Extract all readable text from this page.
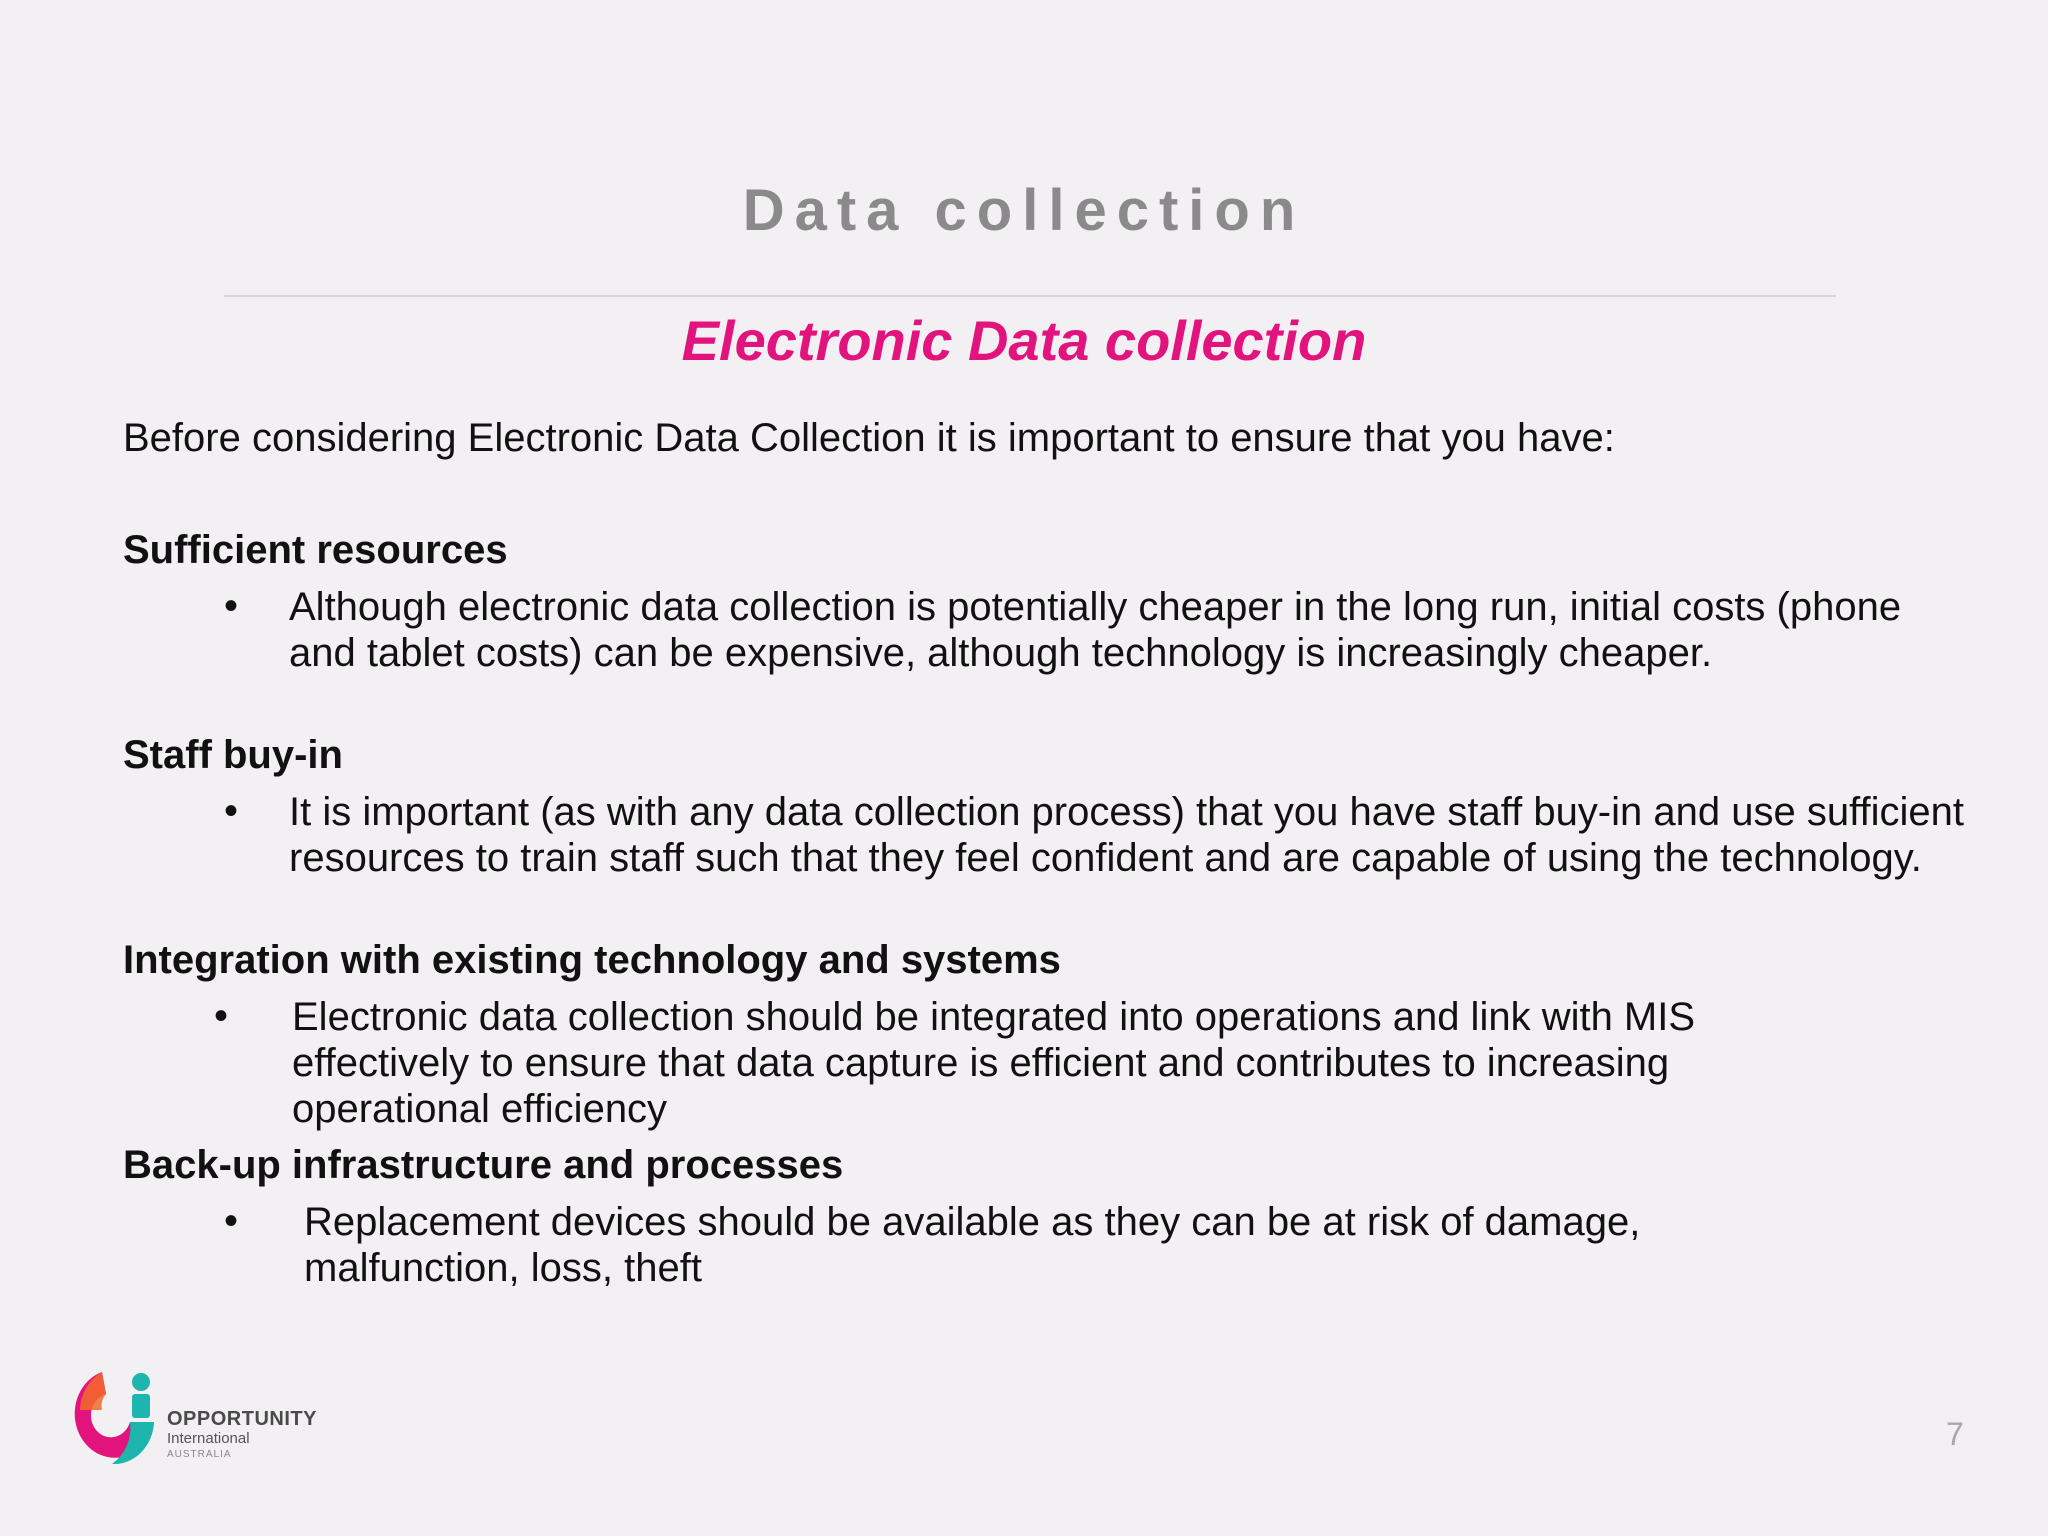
Data collection
Electronic Data collection
Before considering Electronic Data Collection it is important to ensure that you have:
Sufficient resources
• Although electronic data collection is potentially cheaper in the long run, initial costs (phone and tablet costs) can be expensive, although technology is increasingly cheaper.
Staff buy-in
• It is important (as with any data collection process) that you have staff buy-in and use sufficient resources to train staff such that they feel confident and are capable of using the technology.
Integration with existing technology and systems
• Electronic data collection should be integrated into operations and link with MIS effectively to ensure that data capture is efficient and contributes to increasing operational efficiency
Back-up infrastructure and processes
• Replacement devices should be available as they can be at risk of damage, malfunction, loss, theft
OPPORTUNITY
International
AUSTRALIA
7
